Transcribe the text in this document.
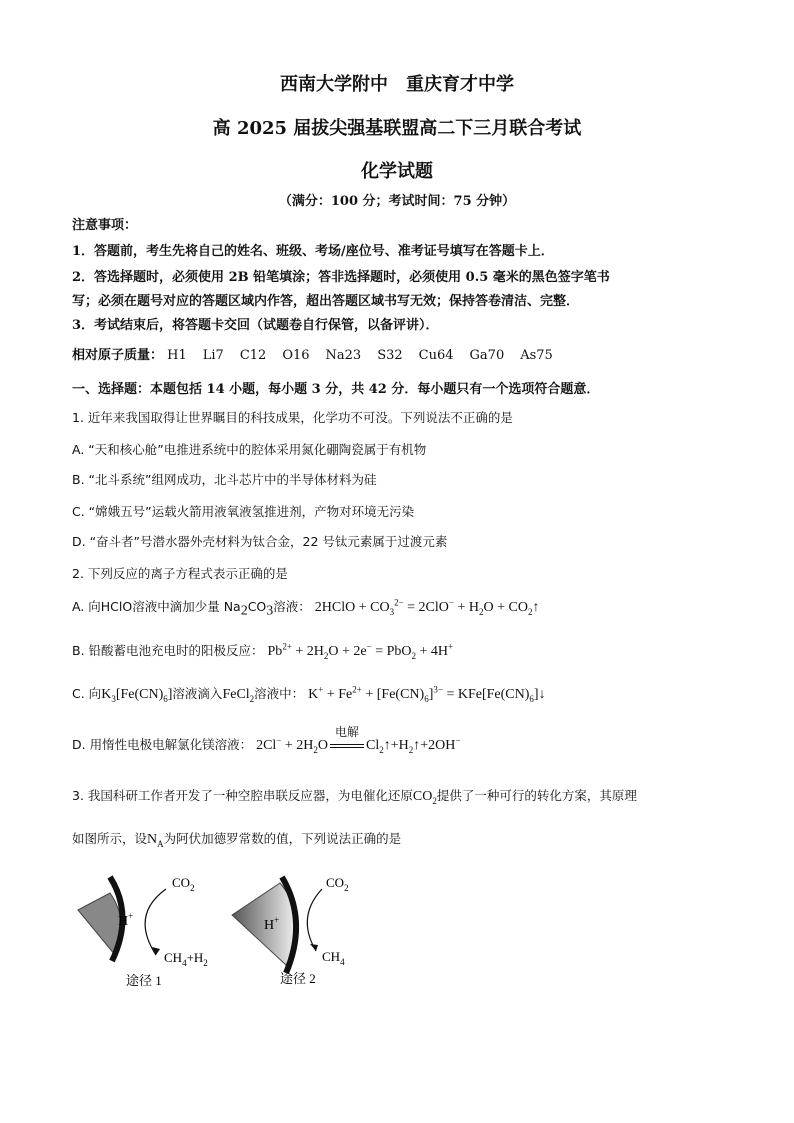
西南大学附中 重庆育才中学
高 2025 届拔尖强基联盟高二下三月联合考试
化学试题
（满分：100 分；考试时间：75 分钟）
注意事项：
1．答题前，考生先将自己的姓名、班级、考场/座位号、准考证号填写在答题卡上．
2．答选择题时，必须使用 2B 铅笔填涂；答非选择题时，必须使用 0.5 毫米的黑色签字笔书
写；必须在题号对应的答题区域内作答，超出答题区域书写无效；保持答卷清洁、完整．
3．考试结束后，将答题卡交回（试题卷自行保管，以备评讲）．
相对原子质量： H1 Li7 C12 O16 Na23 S32 Cu64 Ga70 As75
一、选择题：本题包括 14 小题，每小题 3 分，共 42 分．每小题只有一个选项符合题意．
1. 近年来我国取得让世界瞩目的科技成果，化学功不可没。下列说法不正确的是
A. “天和核心舱”电推进系统中的腔体采用氮化硼陶瓷属于有机物
B. “北斗系统”组网成功，北斗芯片中的半导体材料为硅
C. “嫦娥五号”运载火箭用液氧液氢推进剂，产物对环境无污染
D. “奋斗者”号潜水器外壳材料为钛合金，22 号钛元素属于过渡元素
2. 下列反应的离子方程式表示正确的是
A. 向HClO溶液中滴加少量 $Na_2CO_3$溶液： 2HClO + $CO_3^{2-} = 2ClO^- + H_2O$ + $CO_2↑$
B. 铅酸蓄电池充电时的阳极反应： $Pb^{2+} + 2H_2O + 2e^- = PbO_2 + 4H^+$
C. 向$K_3[Fe(CN)_6]$溶液滴入FeCl$_2$溶液中： $K^+ + Fe^{2+} + [Fe(CN)_6]^{3-}$ = $KFe[Fe(CN)_6]↓$
D. 用惰性电极电解氯化镁溶液： $2Cl^- + 2H_2O$
电解
$Cl_2↑+H_2↑+2OH^-$
3. 我国科研工作者开发了一种空腔串联反应器，为电催化还原$CO_2$提供了一种可行的转化方案，其原理
如图所示，设$N_A$为阿伏加德罗常数的值，下列说法正确的是
H+
$CO_2$
$CH_4+H_2$
途径 1
H+
$CO_2$
$CH_4$
途径 2
